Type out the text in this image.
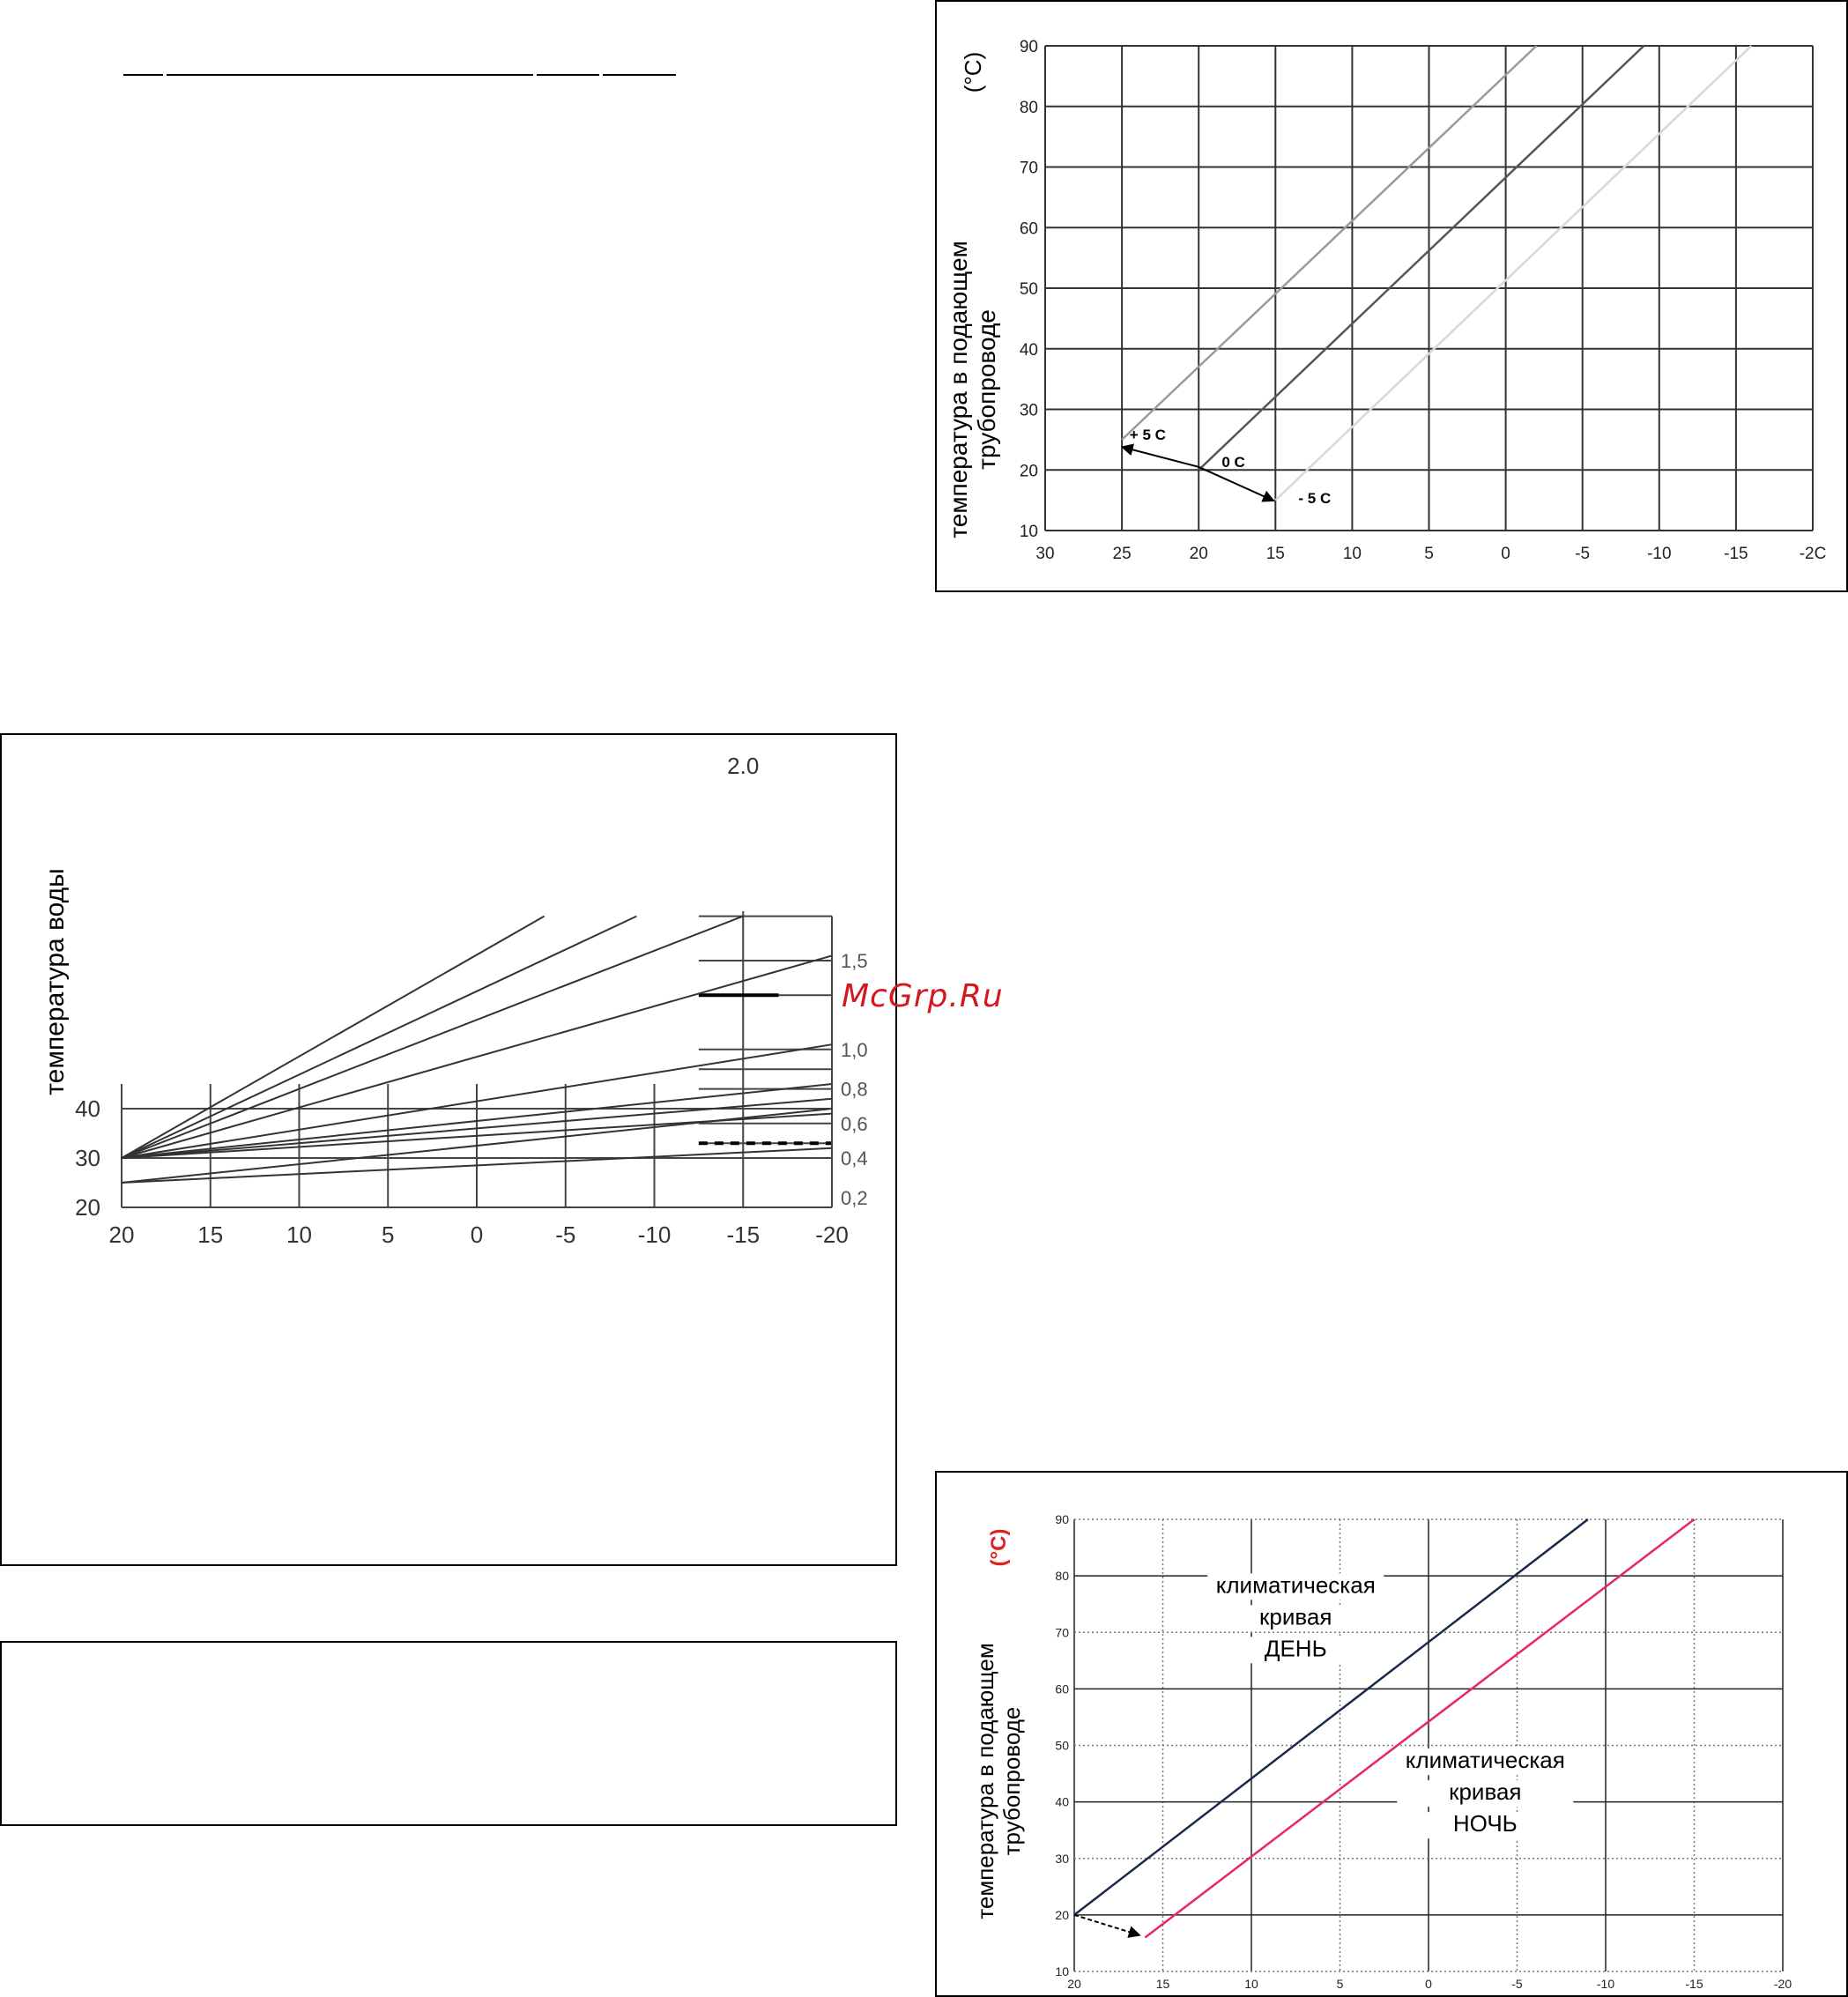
30	25	20	15	10	5	0	-5	-10	-15	-2C
10
20
30
40
50
60
70
80
90
+ 5 C
0 C
- 5 C
температура в подающем трубопроводе
(°C)
20	15	10	5	0	-5	-10 -15 -20
20
30
40
2.0
1,5
1,0
0,8
0,6
0,4
0,2
температура воды
20	15	10	5	0	-5	-10	-15	-20
10
20
30
40
50
60
70
80
90
климатическая
кривая
ДЕНЬ
климатическая
кривая
НОЧЬ
температура в подающем трубопроводе
(°C)
McGrp.Ru
